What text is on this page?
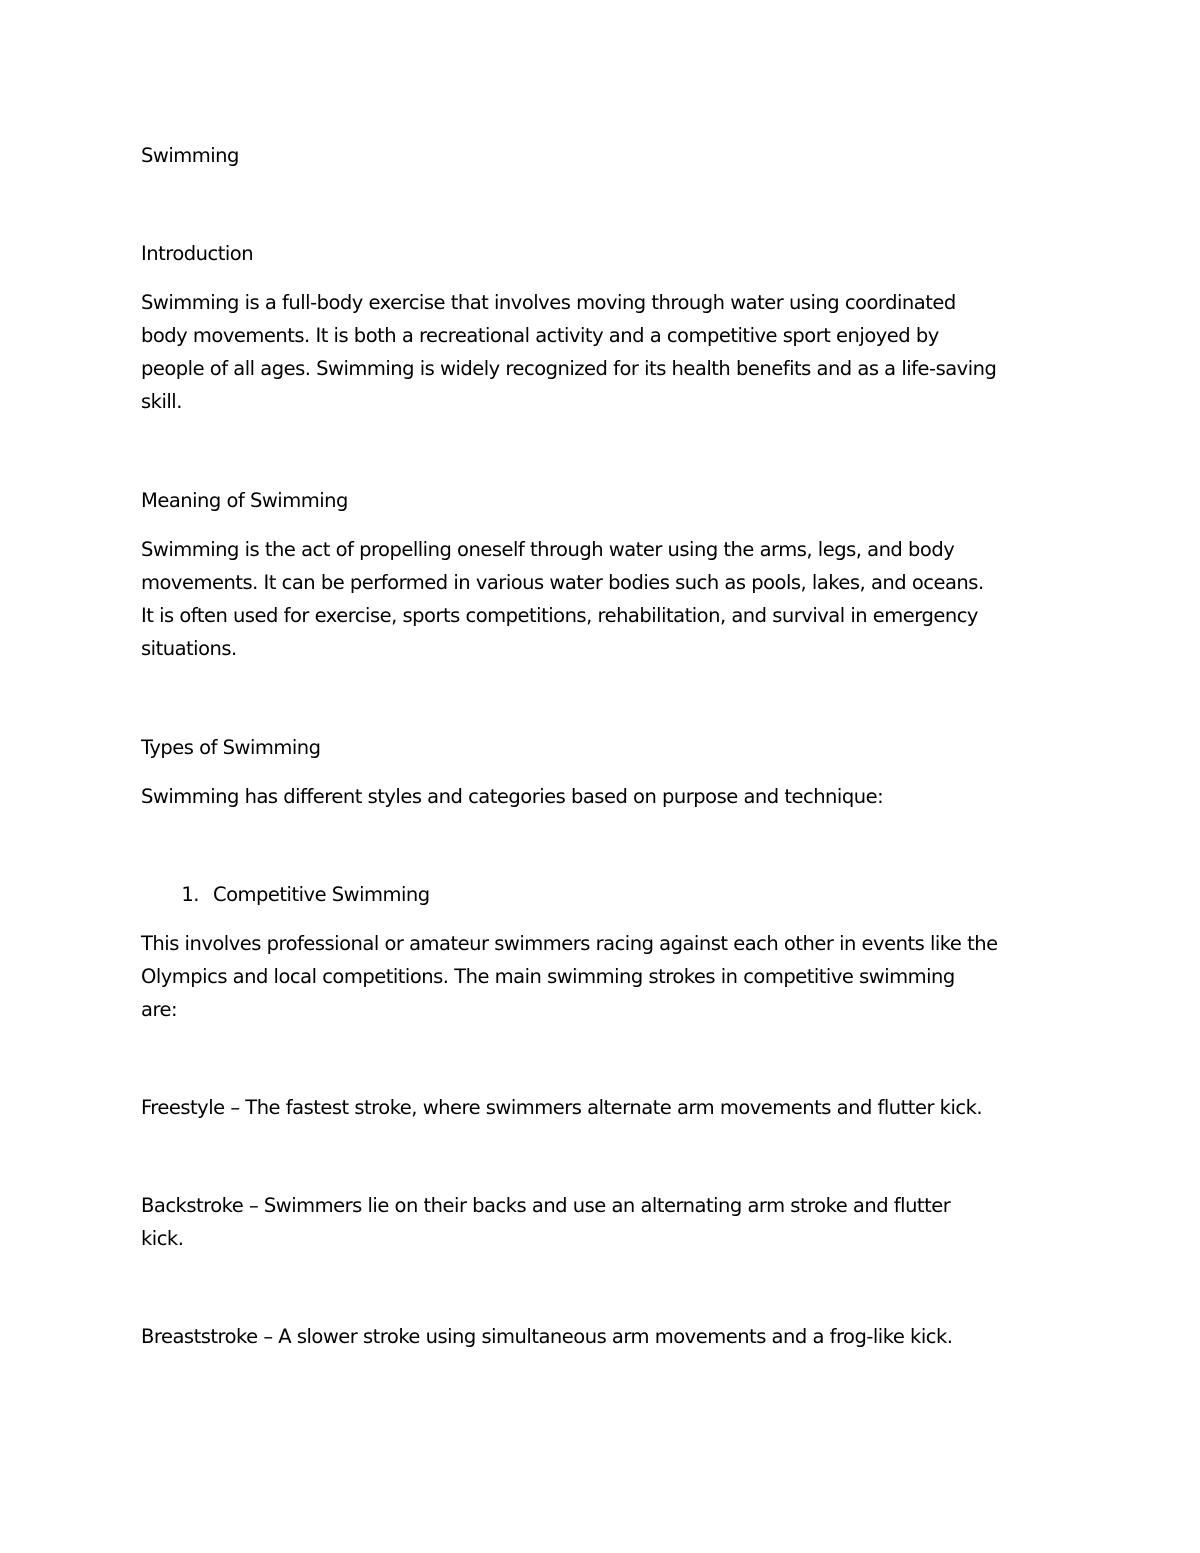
Swimming

Introduction

Swimming is a full-body exercise that involves moving through water using coordinated
body movements. It is both a recreational activity and a competitive sport enjoyed by
people of all ages. Swimming is widely recognized for its health benefits and as a life-saving
skill.

Meaning of Swimming

Swimming is the act of propelling oneself through water using the arms, legs, and body
movements. It can be performed in various water bodies such as pools, lakes, and oceans.
It is often used for exercise, sports competitions, rehabilitation, and survival in emergency
situations.

Types of Swimming

Swimming has different styles and categories based on purpose and technique:

1. Competitive Swimming

This involves professional or amateur swimmers racing against each other in events like the
Olympics and local competitions. The main swimming strokes in competitive swimming
are:

Freestyle – The fastest stroke, where swimmers alternate arm movements and flutter kick.

Backstroke – Swimmers lie on their backs and use an alternating arm stroke and flutter
kick.

Breaststroke – A slower stroke using simultaneous arm movements and a frog-like kick.
